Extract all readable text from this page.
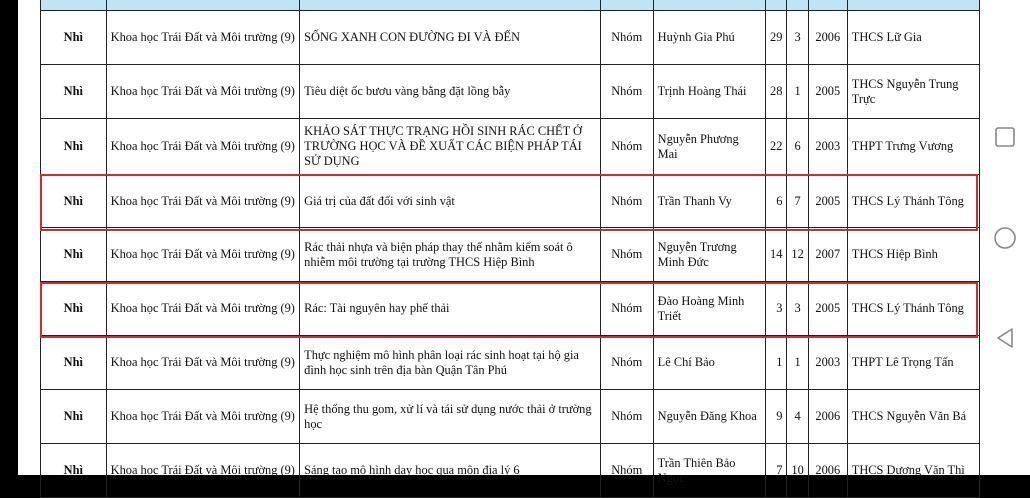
Nhì	Khoa học Trái Đất và Môi trường (9)	SỐNG XANH CON ĐƯỜNG ĐI VÀ ĐẾN	Nhóm	Huỳnh Gia Phú	29	3	2006	THCS Lữ Gia
Nhì	Khoa học Trái Đất và Môi trường (9)	Tiêu diệt ốc bươu vàng bằng đặt lồng bẫy	Nhóm	Trịnh Hoàng Thái	28	1	2005	THCS Nguyễn Trung Trực
Nhì	Khoa học Trái Đất và Môi trường (9)	KHẢO SÁT THỰC TRẠNG HỒI SINH RÁC CHẾT Ở TRƯỜNG HỌC VÀ ĐỀ XUẤT CÁC BIỆN PHÁP TÁI SỬ DỤNG	Nhóm	Nguyễn Phương Mai	22	6	2003	THPT Trưng Vương
Nhì	Khoa học Trái Đất và Môi trường (9)	Giá trị của đất đối với sinh vật	Nhóm	Trần Thanh Vy	6	7	2005	THCS Lý Thánh Tông
Nhì	Khoa học Trái Đất và Môi trường (9)	Rác thải nhựa và biện pháp thay thế nhằm kiểm soát ô nhiễm môi trường tại trường THCS Hiệp Bình	Nhóm	Nguyễn Trương Minh Đức	14	12	2007	THCS Hiệp Bình
Nhì	Khoa học Trái Đất và Môi trường (9)	Rác: Tài nguyên hay phế thải	Nhóm	Đào Hoàng Minh Triết	3	3	2005	THCS Lý Thánh Tông
Nhì	Khoa học Trái Đất và Môi trường (9)	Thực nghiệm mô hình phân loại rác sinh hoạt tại hộ gia đình học sinh trên địa bàn Quận Tân Phú	Nhóm	Lê Chí Bảo	1	1	2003	THPT Lê Trọng Tấn
Nhì	Khoa học Trái Đất và Môi trường (9)	Hệ thống thu gom, xử lí và tái sử dụng nước thải ở trường học	Nhóm	Nguyễn Đăng Khoa	9	4	2006	THCS Nguyễn Văn Bá
Nhì	Khoa học Trái Đất và Môi trường (9)	Sáng tạo mô hình dạy học qua môn địa lý 6	Nhóm	Trần Thiên Bảo Ngọc	7	10	2006	THCS Dương Văn Thì
